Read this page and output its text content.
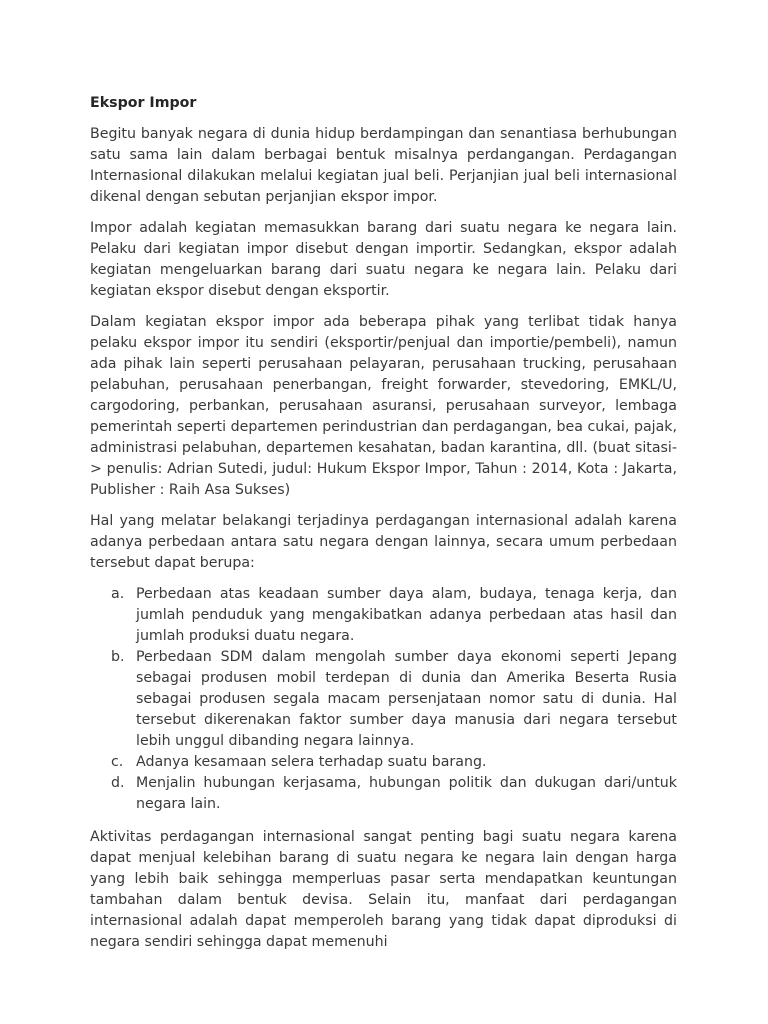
Ekspor Impor

Begitu banyak negara di dunia hidup berdampingan dan senantiasa berhubungan satu sama lain dalam berbagai bentuk misalnya perdangangan. Perdagangan Internasional dilakukan melalui kegiatan jual beli. Perjanjian jual beli internasional dikenal dengan sebutan perjanjian ekspor impor.

Impor adalah kegiatan memasukkan barang dari suatu negara ke negara lain. Pelaku dari kegiatan impor disebut dengan importir. Sedangkan, ekspor adalah kegiatan mengeluarkan barang dari suatu negara ke negara lain. Pelaku dari kegiatan ekspor disebut dengan eksportir.

Dalam kegiatan ekspor impor ada beberapa pihak yang terlibat tidak hanya pelaku ekspor impor itu sendiri (eksportir/penjual dan importie/pembeli), namun ada pihak lain seperti perusahaan pelayaran, perusahaan trucking, perusahaan pelabuhan, perusahaan penerbangan, freight forwarder, stevedoring, EMKL/U, cargodoring, perbankan, perusahaan asuransi, perusahaan surveyor, lembaga pemerintah seperti departemen perindustrian dan perdagangan, bea cukai, pajak, administrasi pelabuhan, departemen kesahatan, badan karantina, dll. (buat sitasi-> penulis: Adrian Sutedi, judul: Hukum Ekspor Impor, Tahun : 2014, Kota : Jakarta, Publisher : Raih Asa Sukses)

Hal yang melatar belakangi terjadinya perdagangan internasional adalah karena adanya perbedaan antara satu negara dengan lainnya, secara umum perbedaan tersebut dapat berupa:

a. Perbedaan atas keadaan sumber daya alam, budaya, tenaga kerja, dan jumlah penduduk yang mengakibatkan adanya perbedaan atas hasil dan jumlah produksi duatu negara.
b. Perbedaan SDM dalam mengolah sumber daya ekonomi seperti Jepang sebagai produsen mobil terdepan di dunia dan Amerika Beserta Rusia sebagai produsen segala macam persenjataan nomor satu di dunia. Hal tersebut dikerenakan faktor sumber daya manusia dari negara tersebut lebih unggul dibanding negara lainnya.
c. Adanya kesamaan selera terhadap suatu barang.
d. Menjalin hubungan kerjasama, hubungan politik dan dukugan dari/untuk negara lain.

Aktivitas perdagangan internasional sangat penting bagi suatu negara karena dapat menjual kelebihan barang di suatu negara ke negara lain dengan harga yang lebih baik sehingga memperluas pasar serta mendapatkan keuntungan tambahan dalam bentuk devisa. Selain itu, manfaat dari perdagangan internasional adalah dapat memperoleh barang yang tidak dapat diproduksi di negara sendiri sehingga dapat memenuhi
